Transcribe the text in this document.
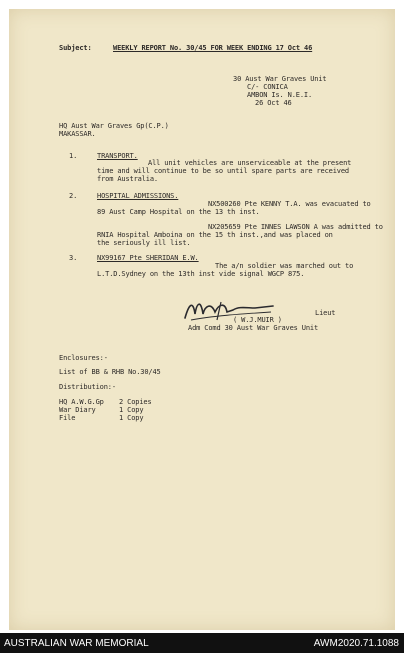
Subject:	WEEKLY REPORT No. 30/45 FOR WEEK ENDING 17 Oct 46
30 Aust War Graves Unit
C/- CONICA
AMBON Is. N.E.I.
26 Oct 46
HQ Aust War Graves Gp(C.P.)
MAKASSAR.
1.	TRANSPORT.
All unit vehicles are unserviceable at the present
time and will continue to be so until spare parts are received
from Australia.
2.	HOSPITAL ADMISSIONS.
NX500260 Pte KENNY T.A. was evacuated to
89 Aust Camp Hospital on the 13 th inst.
NX205659 Pte INNES LAWSON A was admitted to
RNIA Hospital Amboina on the 15 th inst.,and was placed on
the seriously ill list.
3.	NX99167 Pte SHERIDAN E.W.
The a/n soldier was marched out to
L.T.D.Sydney on the 13th inst vide signal WGCP 875.
Lieut
( W.J.MUIR )
Adm Comd 30 Aust War Graves Unit
Enclosures:-
List of BB & RHB No.30/45
Distribution:-
HQ A.W.G.Gp 2 Copies
War Diary	1 Copy
File	1 Copy
AUSTRALIAN WAR MEMORIAL	AWM2020.71.1088
